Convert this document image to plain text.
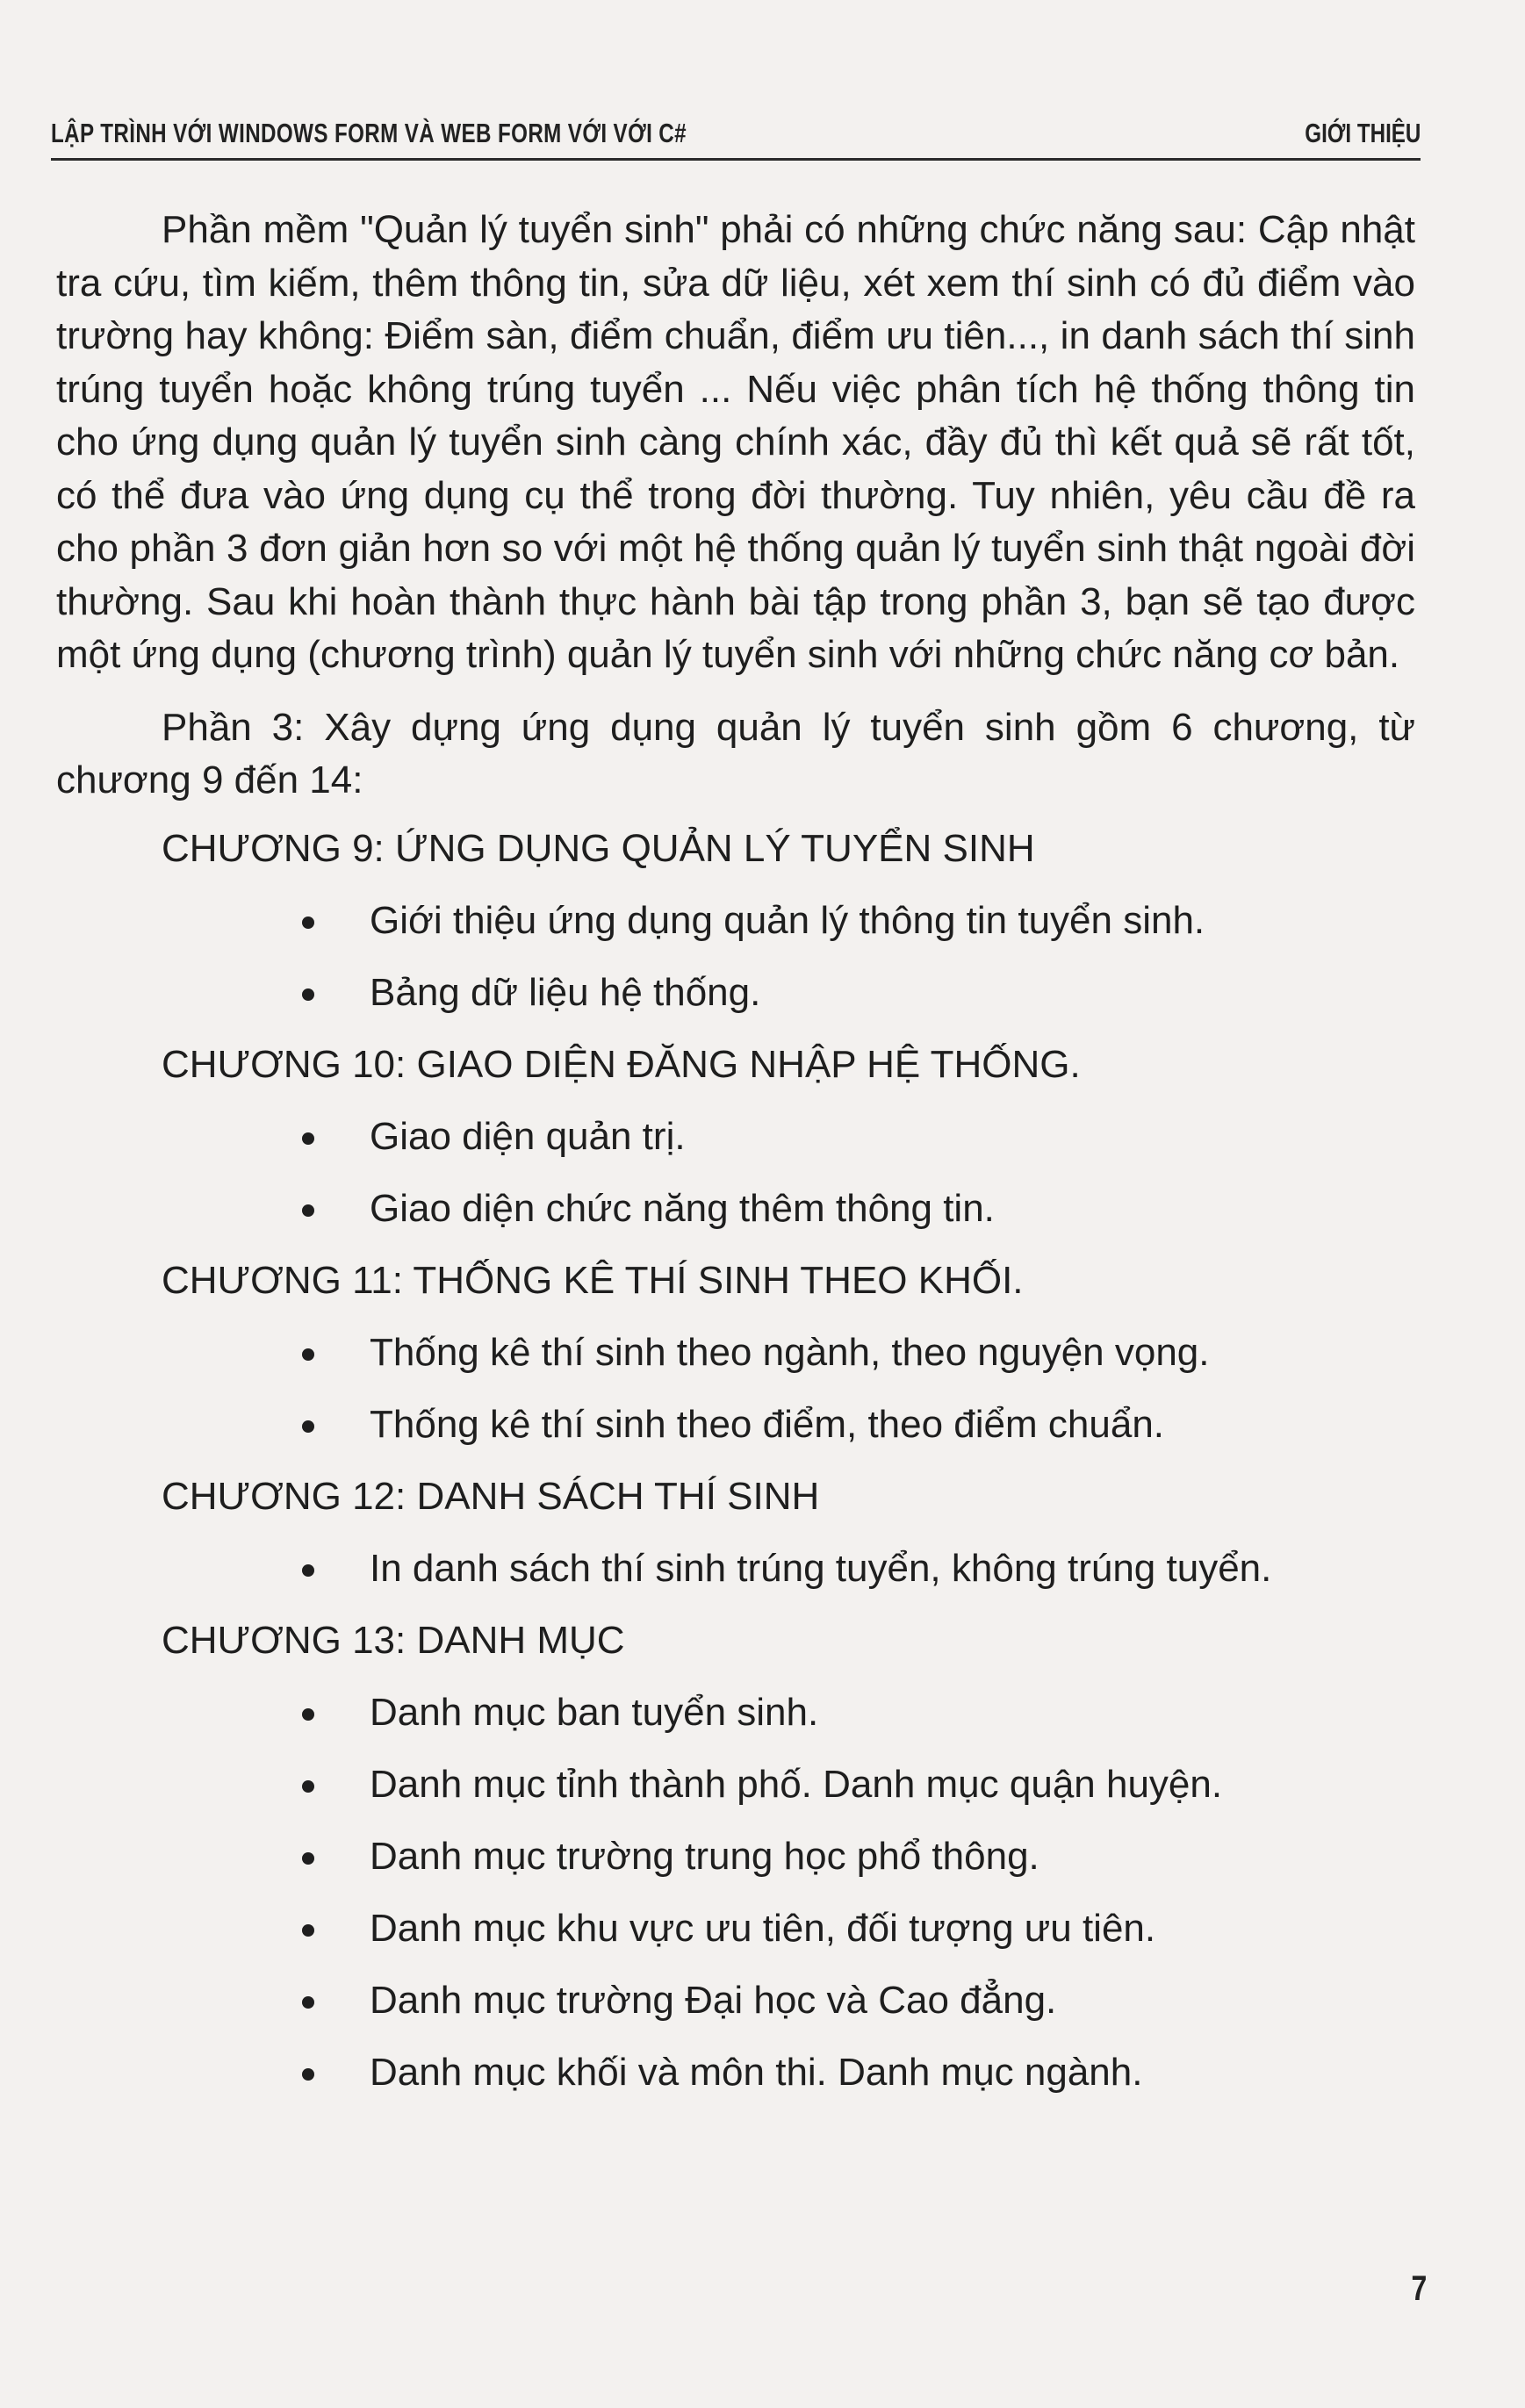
LẬP TRÌNH VỚI WINDOWS FORM VÀ WEB FORM VỚI VỚI C#	GIỚI THIỆU

Phần mềm "Quản lý tuyển sinh" phải có những chức năng sau: Cập nhật tra cứu, tìm kiếm, thêm thông tin, sửa dữ liệu, xét xem thí sinh có đủ điểm vào trường hay không: Điểm sàn, điểm chuẩn, điểm ưu tiên..., in danh sách thí sinh trúng tuyển hoặc không trúng tuyển ... Nếu việc phân tích hệ thống thông tin cho ứng dụng quản lý tuyển sinh càng chính xác, đầy đủ thì kết quả sẽ rất tốt, có thể đưa vào ứng dụng cụ thể trong đời thường. Tuy nhiên, yêu cầu đề ra cho phần 3 đơn giản hơn so với một hệ thống quản lý tuyển sinh thật ngoài đời thường. Sau khi hoàn thành thực hành bài tập trong phần 3, bạn sẽ tạo được một ứng dụng (chương trình) quản lý tuyển sinh với những chức năng cơ bản.

Phần 3: Xây dựng ứng dụng quản lý tuyển sinh gồm 6 chương, từ chương 9 đến 14:

CHƯƠNG 9: ỨNG DỤNG QUẢN LÝ TUYỂN SINH

Giới thiệu ứng dụng quản lý thông tin tuyển sinh.
Bảng dữ liệu hệ thống.

CHƯƠNG 10: GIAO DIỆN ĐĂNG NHẬP HỆ THỐNG.

Giao diện quản trị.
Giao diện chức năng thêm thông tin.

CHƯƠNG 11: THỐNG KÊ THÍ SINH THEO KHỐI.

Thống kê thí sinh theo ngành, theo nguyện vọng.
Thống kê thí sinh theo điểm, theo điểm chuẩn.

CHƯƠNG 12: DANH SÁCH THÍ SINH

In danh sách thí sinh trúng tuyển, không trúng tuyển.

CHƯƠNG 13: DANH MỤC

Danh mục ban tuyển sinh.
Danh mục tỉnh thành phố. Danh mục quận huyện.
Danh mục trường trung học phổ thông.
Danh mục khu vực ưu tiên, đối tượng ưu tiên.
Danh mục trường Đại học và Cao đẳng.
Danh mục khối và môn thi. Danh mục ngành.
7
